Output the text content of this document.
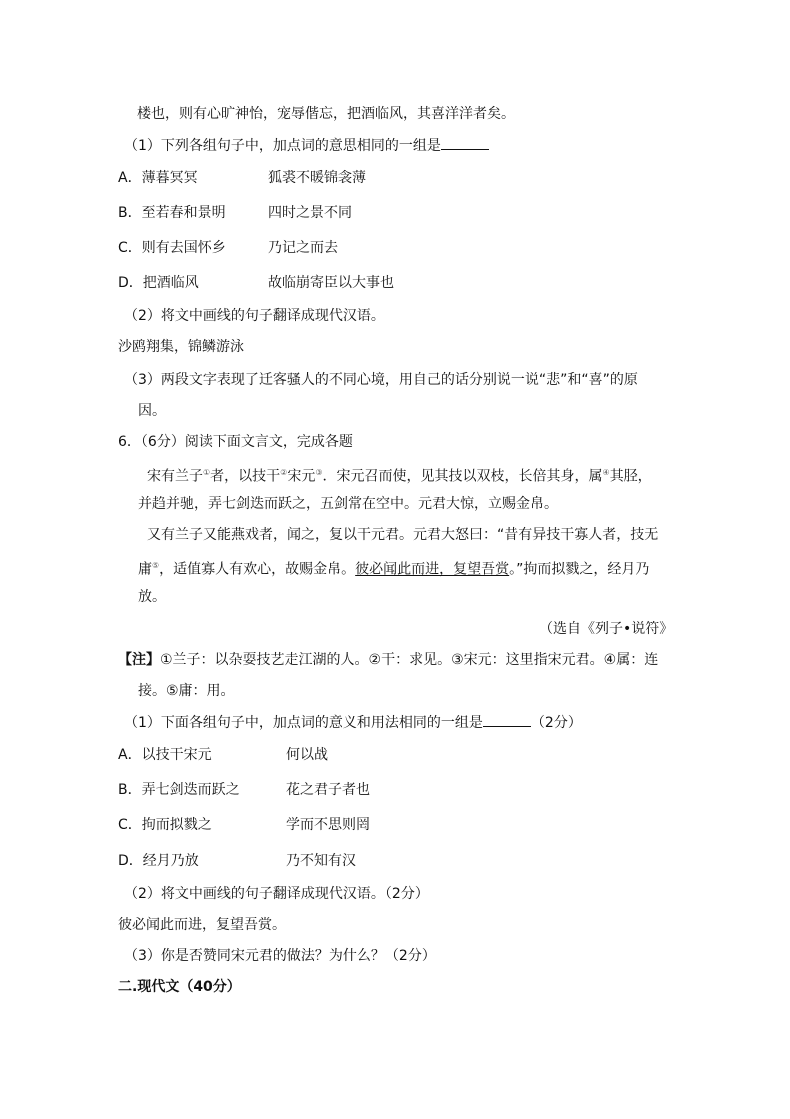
楼也，则有心旷神怡，宠辱偕忘，把酒临风，其喜洋洋者矣。
（1）下列各组句子中，加点词的意思相同的一组是
A．薄暮冥冥	狐裘不暖锦衾薄
B．至若春和景明	四时之景不同
C．则有去国怀乡	乃记之而去
D．把酒临风	故临崩寄臣以大事也
（2）将文中画线的句子翻译成现代汉语。
沙鸥翔集，锦鳞游泳
（3）两段文字表现了迁客骚人的不同心境，用自己的话分别说一说“悲”和“喜”的原
因。
6．（6分）阅读下面文言文，完成各题
宋有兰子①者，以技干②宋元③．宋元召而使，见其技以双枝，长倍其身，属④其胫，
并趋并驰，弄七剑迭而跃之，五剑常在空中。元君大惊，立赐金帛。
又有兰子又能燕戏者，闻之，复以干元君。元君大怒曰：“昔有异技干寡人者，技无
庸⑤，适值寡人有欢心，故赐金帛。彼必闻此而进，复望吾赏。”拘而拟戮之，经月乃
放。
（选自《列子•说符》
【注】①兰子：以杂耍技艺走江湖的人。②干：求见。③宋元：这里指宋元君。④属：连
接。⑤庸：用。
（1）下面各组句子中，加点词的意义和用法相同的一组是	（2分）
A．以技干宋元	何以战
B．弄七剑迭而跃之	花之君子者也
C．拘而拟戮之	学而不思则罔
D．经月乃放	乃不知有汉
（2）将文中画线的句子翻译成现代汉语。（2分）
彼必闻此而进，复望吾赏。
（3）你是否赞同宋元君的做法？为什么？（2分）
二.现代文（40分）
